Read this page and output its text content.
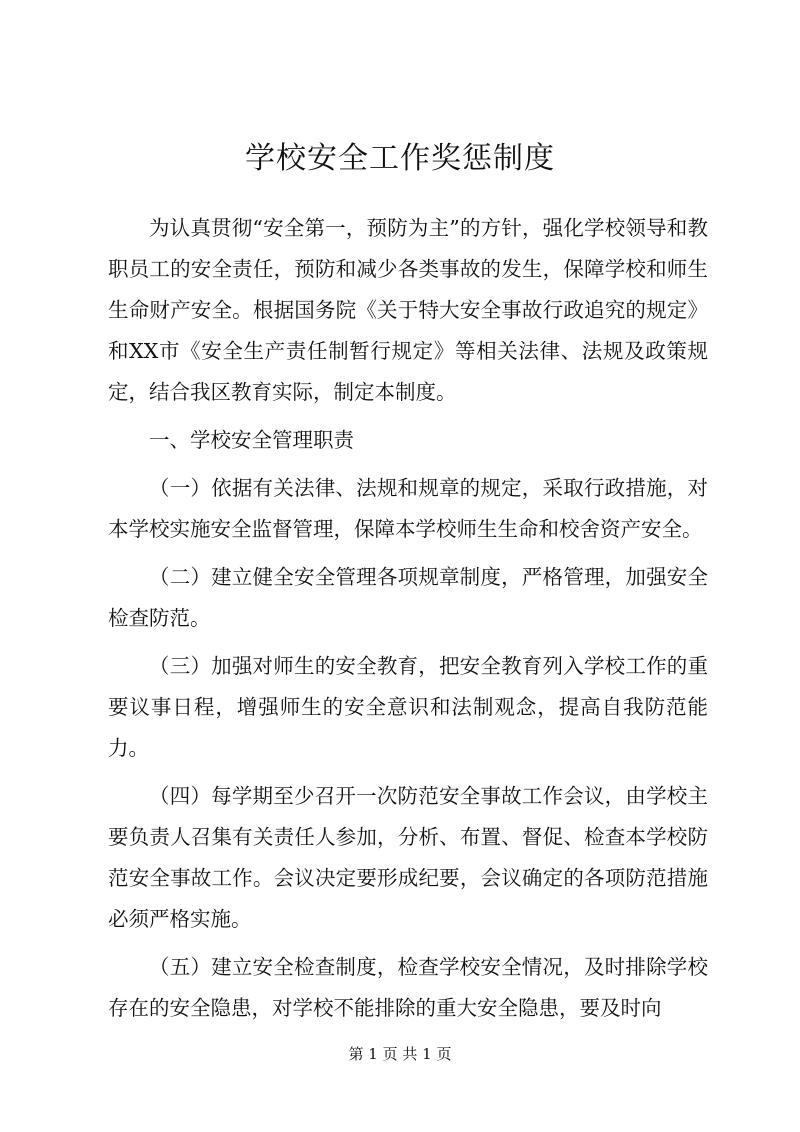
学校安全工作奖惩制度

为认真贯彻“安全第一，预防为主”的方针，强化学校领导和教职员工的安全责任，预防和减少各类事故的发生，保障学校和师生生命财产安全。根据国务院《关于特大安全事故行政追究的规定》和XX市《安全生产责任制暂行规定》等相关法律、法规及政策规定，结合我区教育实际，制定本制度。

一、学校安全管理职责

（一）依据有关法律、法规和规章的规定，采取行政措施，对本学校实施安全监督管理，保障本学校师生生命和校舍资产安全。

（二）建立健全安全管理各项规章制度，严格管理，加强安全检查防范。

（三）加强对师生的安全教育，把安全教育列入学校工作的重要议事日程，增强师生的安全意识和法制观念，提高自我防范能力。

（四）每学期至少召开一次防范安全事故工作会议，由学校主要负责人召集有关责任人参加，分析、布置、督促、检查本学校防范安全事故工作。会议决定要形成纪要，会议确定的各项防范措施必须严格实施。

（五）建立安全检查制度，检查学校安全情况，及时排除学校存在的安全隐患，对学校不能排除的重大安全隐患，要及时向

第 1 页 共 1 页
